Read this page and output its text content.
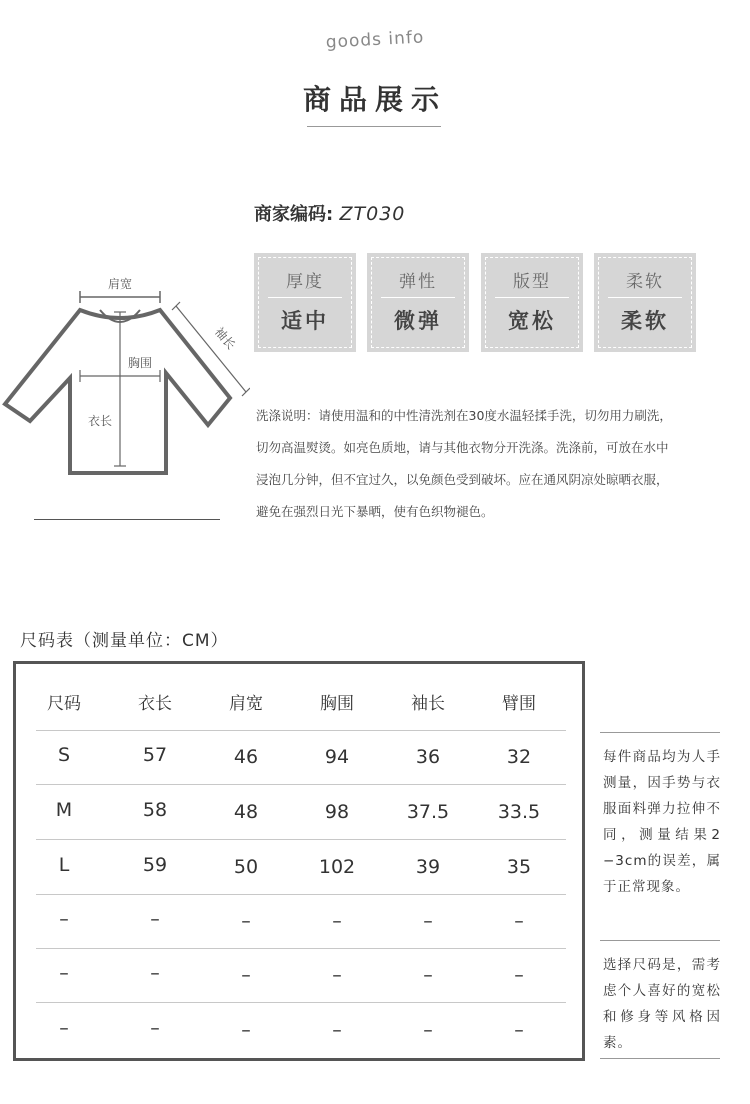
goods info
商品展示
商家编码: ZT030
厚度
适中
弹性
微弹
版型
宽松
柔软
柔软
肩宽
袖长
衣长
胸围

洗涤说明：请使用温和的中性清洗剂在30度水温轻揉手洗，切勿用力刷洗，

切勿高温熨烫。如亮色质地，请与其他衣物分开洗涤。洗涤前，可放在水中

浸泡几分钟，但不宜过久，以免颜色受到破坏。应在通风阴凉处晾晒衣服，

避免在强烈日光下暴晒，使有色织物褪色。

尺码表（测量单位：CM）
尺码	衣长	肩宽	胸围	袖长	臂围
S	57	46	94	36	32
M	58	48	98	37.5	33.5
L	59	50	102	39	35
–	–	–	–	–	–
–	–	–	–	–	–
–	–	–	–	–	–
每件商品均为人手测量，因手势与衣服面料弹力拉伸不同，测量结果2−3cm的误差，属于正常现象。
选择尺码是，需考虑个人喜好的宽松和修身等风格因素。
